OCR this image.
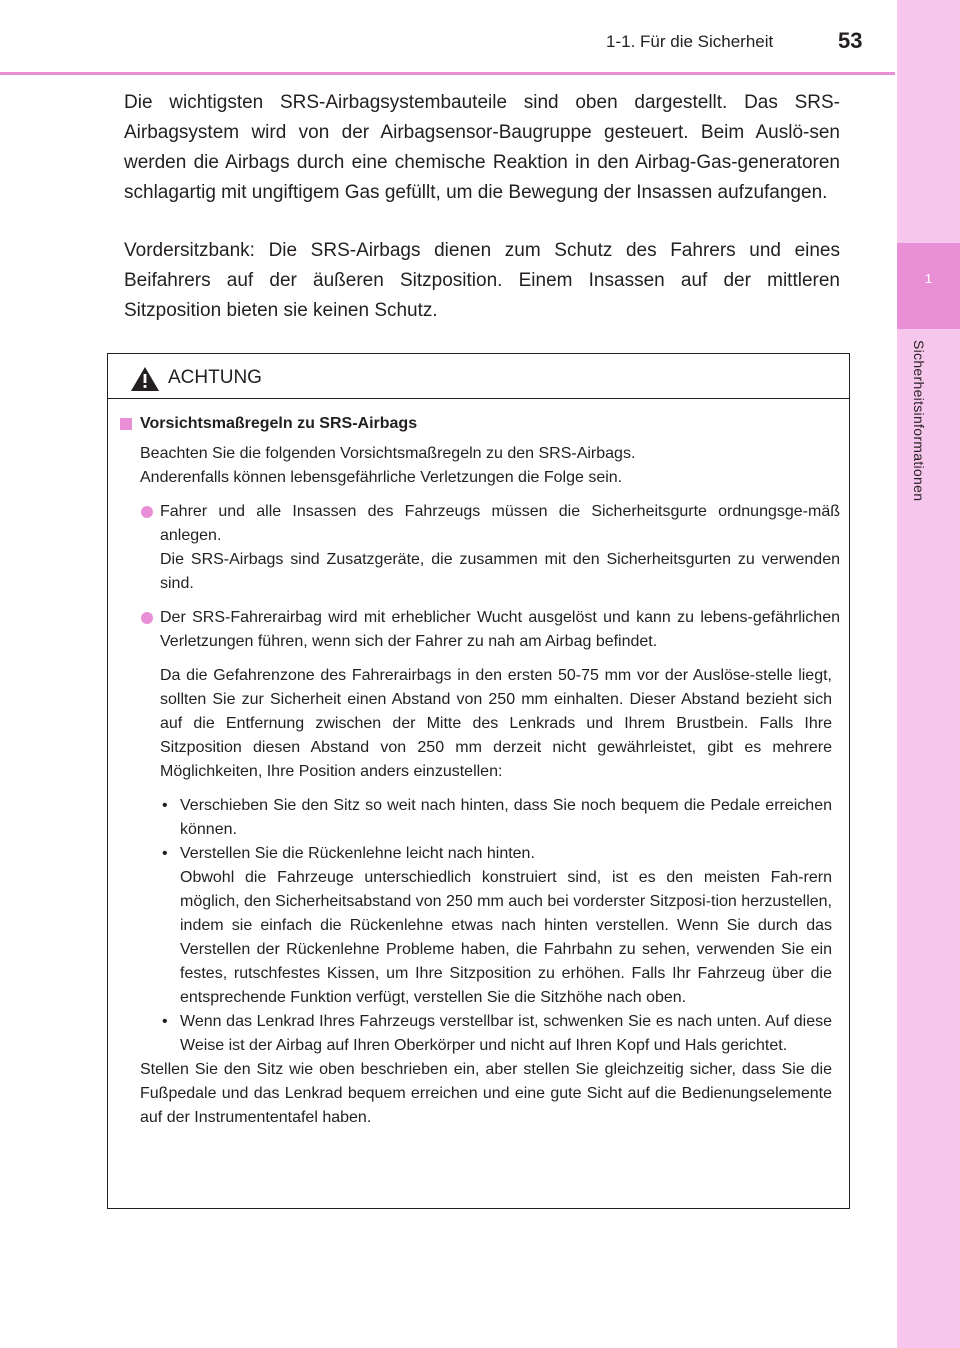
1-1. Für die Sicherheit	53
1
Sicherheitsinformationen

Die wichtigsten SRS-Airbagsystembauteile sind oben dargestellt. Das SRS-Airbagsystem wird von der Airbagsensor-Baugruppe gesteuert. Beim Auslö-sen werden die Airbags durch eine chemische Reaktion in den Airbag-Gas-generatoren schlagartig mit ungiftigem Gas gefüllt, um die Bewegung der Insassen aufzufangen.

Vordersitzbank: Die SRS-Airbags dienen zum Schutz des Fahrers und eines Beifahrers auf der äußeren Sitzposition. Einem Insassen auf der mittleren Sitzposition bieten sie keinen Schutz.

ACHTUNG

Vorsichtsmaßregeln zu SRS-Airbags

Beachten Sie die folgenden Vorsichtsmaßregeln zu den SRS-Airbags.

Anderenfalls können lebensgefährliche Verletzungen die Folge sein.

Fahrer und alle Insassen des Fahrzeugs müssen die Sicherheitsgurte ordnungsge-mäß anlegen.

Die SRS-Airbags sind Zusatzgeräte, die zusammen mit den Sicherheitsgurten zu verwenden sind.

Der SRS-Fahrerairbag wird mit erheblicher Wucht ausgelöst und kann zu lebens-gefährlichen Verletzungen führen, wenn sich der Fahrer zu nah am Airbag befindet.

Da die Gefahrenzone des Fahrerairbags in den ersten 50-75 mm vor der Auslöse-stelle liegt, sollten Sie zur Sicherheit einen Abstand von 250 mm einhalten. Dieser Abstand bezieht sich auf die Entfernung zwischen der Mitte des Lenkrads und Ihrem Brustbein. Falls Ihre Sitzposition diesen Abstand von 250 mm derzeit nicht gewährleistet, gibt es mehrere Möglichkeiten, Ihre Position anders einzustellen:

• Verschieben Sie den Sitz so weit nach hinten, dass Sie noch bequem die Pedale erreichen können.

• Verstellen Sie die Rückenlehne leicht nach hinten.

Obwohl die Fahrzeuge unterschiedlich konstruiert sind, ist es den meisten Fah-rern möglich, den Sicherheitsabstand von 250 mm auch bei vorderster Sitzposi-tion herzustellen, indem sie einfach die Rückenlehne etwas nach hinten verstellen. Wenn Sie durch das Verstellen der Rückenlehne Probleme haben, die Fahrbahn zu sehen, verwenden Sie ein festes, rutschfestes Kissen, um Ihre Sitzposition zu erhöhen. Falls Ihr Fahrzeug über die entsprechende Funktion verfügt, verstellen Sie die Sitzhöhe nach oben.

• Wenn das Lenkrad Ihres Fahrzeugs verstellbar ist, schwenken Sie es nach unten. Auf diese Weise ist der Airbag auf Ihren Oberkörper und nicht auf Ihren Kopf und Hals gerichtet.

Stellen Sie den Sitz wie oben beschrieben ein, aber stellen Sie gleichzeitig sicher, dass Sie die Fußpedale und das Lenkrad bequem erreichen und eine gute Sicht auf die Bedienungselemente auf der Instrumententafel haben.
